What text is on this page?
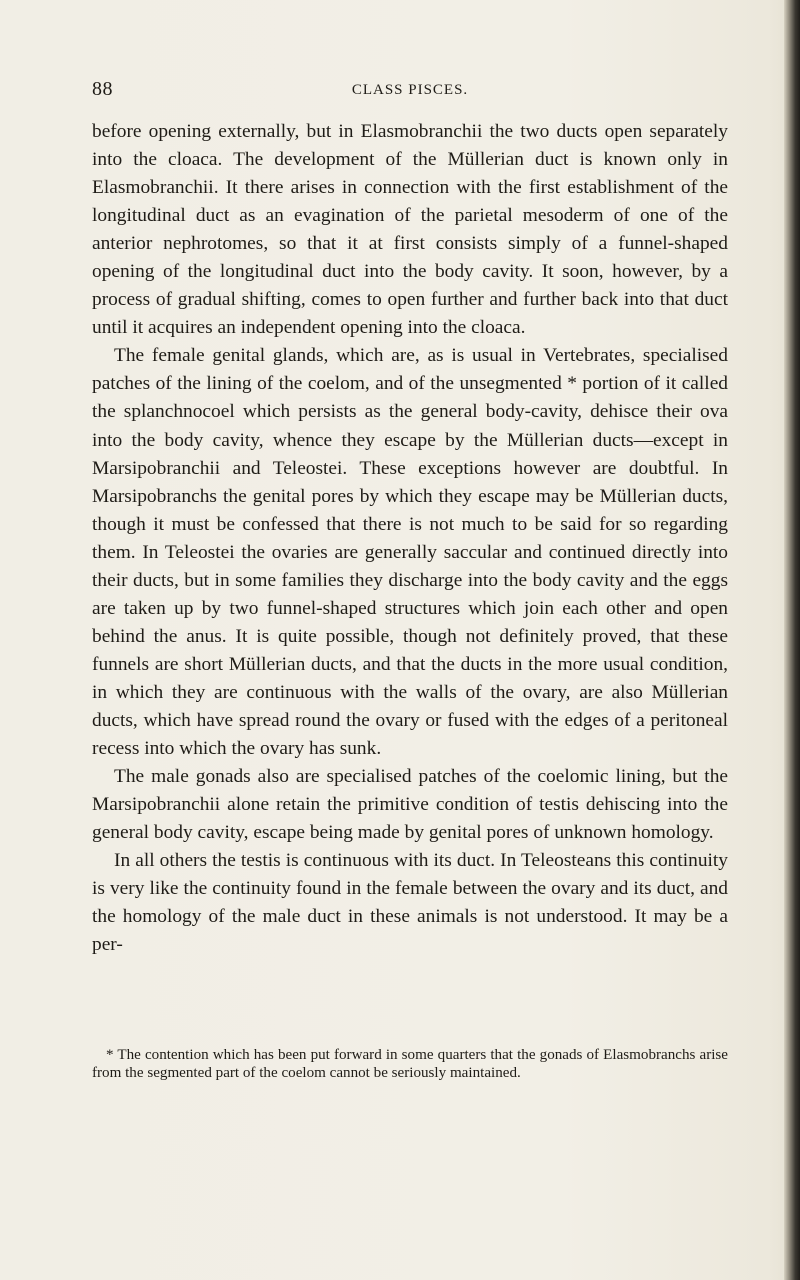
88	CLASS PISCES.

before opening externally, but in Elasmobranchii the two ducts open separately into the cloaca. The development of the Müllerian duct is known only in Elasmobranchii. It there arises in connection with the first establishment of the longitudinal duct as an evagination of the parietal mesoderm of one of the anterior nephrotomes, so that it at first consists simply of a funnel-shaped opening of the longitudinal duct into the body cavity. It soon, however, by a process of gradual shifting, comes to open further and further back into that duct until it acquires an independent opening into the cloaca.

The female genital glands, which are, as is usual in Vertebrates, specialised patches of the lining of the coelom, and of the unsegmented * portion of it called the splanchnocoel which persists as the general body-cavity, dehisce their ova into the body cavity, whence they escape by the Müllerian ducts—except in Marsipobranchii and Teleostei. These exceptions however are doubtful. In Marsipobranchs the genital pores by which they escape may be Müllerian ducts, though it must be confessed that there is not much to be said for so regarding them. In Teleostei the ovaries are generally saccular and continued directly into their ducts, but in some families they discharge into the body cavity and the eggs are taken up by two funnel-shaped structures which join each other and open behind the anus. It is quite possible, though not definitely proved, that these funnels are short Müllerian ducts, and that the ducts in the more usual condition, in which they are continuous with the walls of the ovary, are also Müllerian ducts, which have spread round the ovary or fused with the edges of a peritoneal recess into which the ovary has sunk.

The male gonads also are specialised patches of the coelomic lining, but the Marsipobranchii alone retain the primitive condition of testis dehiscing into the general body cavity, escape being made by genital pores of unknown homology.

In all others the testis is continuous with its duct. In Teleosteans this continuity is very like the continuity found in the female between the ovary and its duct, and the homology of the male duct in these animals is not understood. It may be a per-

* The contention which has been put forward in some quarters that the gonads of Elasmobranchs arise from the segmented part of the coelom cannot be seriously maintained.
